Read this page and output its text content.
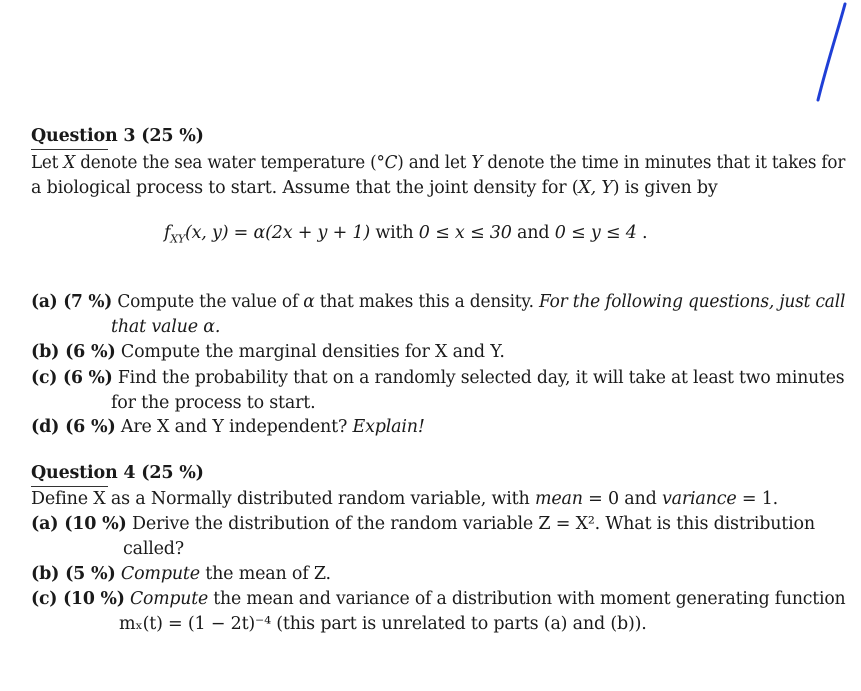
Question 3 (25 %)
Let X denote the sea water temperature (°C) and let Y denote the time in minutes that it takes for
a biological process to start. Assume that the joint density for (X, Y) is given by
$f_{XY}(x$, y) = α(2x + y + 1) with 0 ≤ x ≤ 30 and 0 ≤ y ≤ 4 .
(a) (7 %) Compute the value of α that makes this a density. For the following questions, just call
that value α.
(b) (6 %) Compute the marginal densities for X and Y.
(c) (6 %) Find the probability that on a randomly selected day, it will take at least two minutes
for the process to start.
(d) (6 %) Are X and Y independent? Explain!
Question 4 (25 %)
Define X as a Normally distributed random variable, with mean = 0 and variance = 1.
(a) (10 %) Derive the distribution of the random variable Z = X². What is this distribution
called?
(b) (5 %) Compute the mean of Z.
(c) (10 %) Compute the mean and variance of a distribution with moment generating function
mₓ(t) = (1 − 2t)⁻⁴ (this part is unrelated to parts (a) and (b)).
